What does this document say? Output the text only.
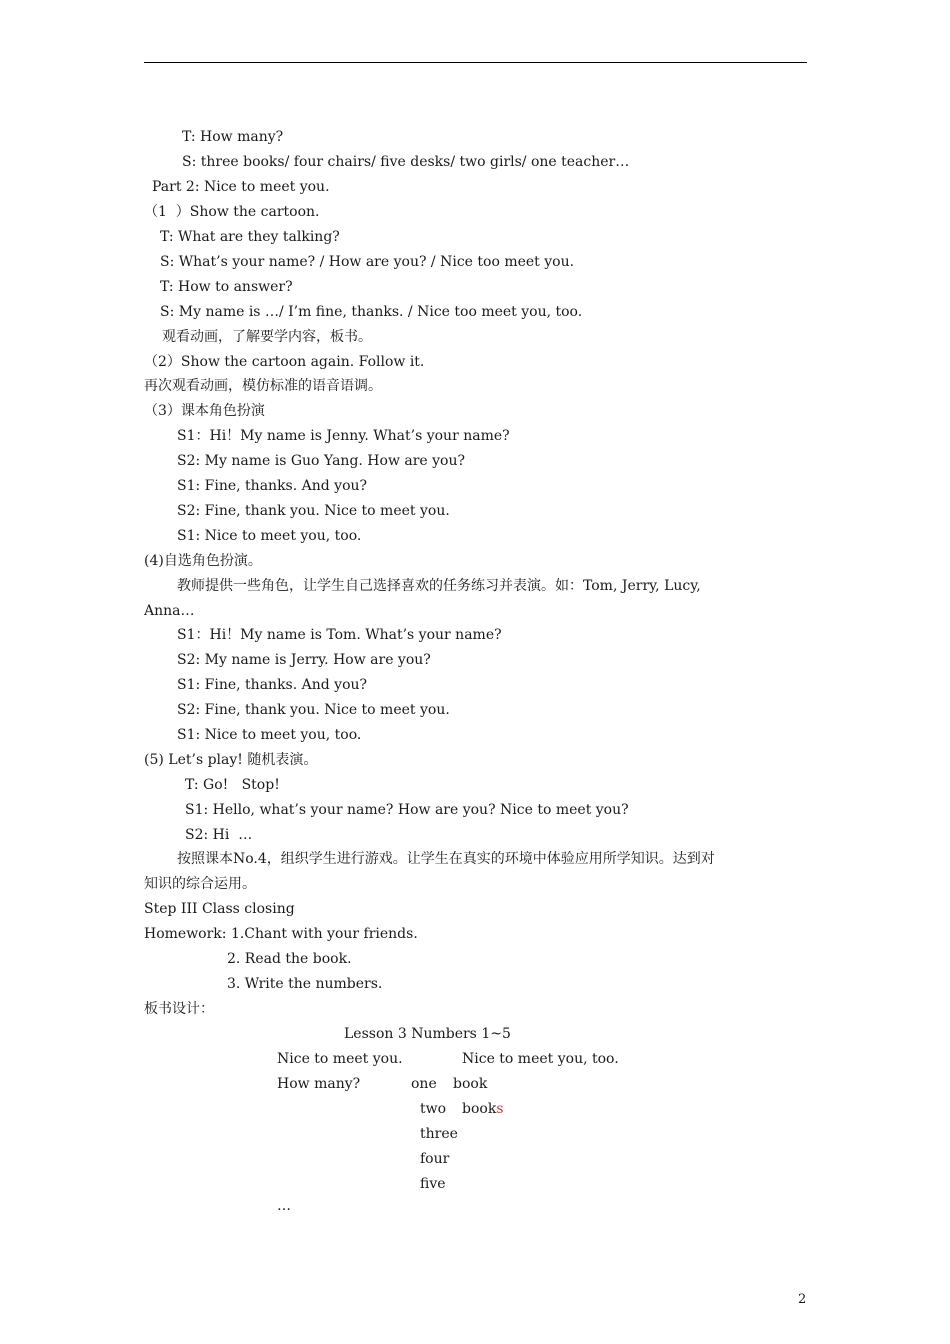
T: How many?
S: three books/ four chairs/ five desks/ two girls/ one teacher…
Part 2: Nice to meet you.
（1  ）Show the cartoon.
T: What are they talking?
S: What’s your name? / How are you? / Nice too meet you.
T: How to answer?
S: My name is …/ I’m fine, thanks. / Nice too meet you, too.
观看动画，了解要学内容，板书。
（2）Show the cartoon again. Follow it.
再次观看动画，模仿标准的语音语调。
（3）课本角色扮演
S1：Hi！My name is Jenny. What’s your name?
S2: My name is Guo Yang. How are you?
S1: Fine, thanks. And you?
S2: Fine, thank you. Nice to meet you.
S1: Nice to meet you, too.
(4)自选角色扮演。
教师提供一些角色，让学生自己选择喜欢的任务练习并表演。如：Tom, Jerry, Lucy,
Anna…
S1：Hi！My name is Tom. What’s your name?
S2: My name is Jerry. How are you?
S1: Fine, thanks. And you?
S2: Fine, thank you. Nice to meet you.
S1: Nice to meet you, too.
(5) Let’s play! 随机表演。
T: Go!   Stop!
S1: Hello, what’s your name? How are you? Nice to meet you?
S2: Hi  …
按照课本No.4，组织学生进行游戏。让学生在真实的环境中体验应用所学知识。达到对
知识的综合运用。
Step III Class closing
Homework: 1.Chant with your friends.
2. Read the book.
3. Write the numbers.
板书设计：
Lesson 3 Numbers 1~5
Nice to meet you.	Nice to meet you, too.
How many?	one book
two books
three
four
five
…
2
